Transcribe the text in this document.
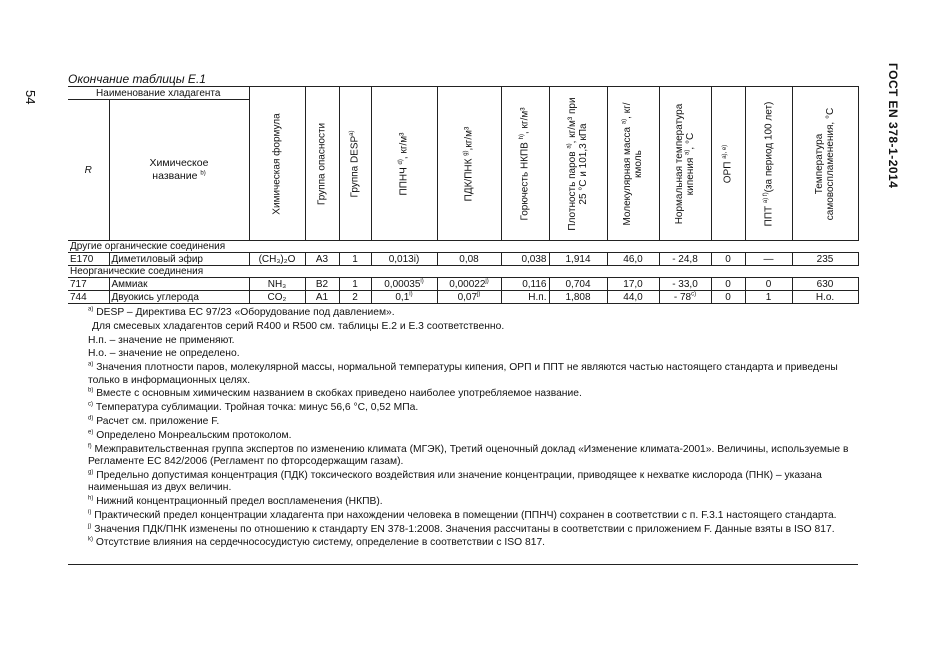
54	ГОСТ EN 378-1-2014
Окончание таблицы Е.1
Наименование хладагента		Химическая формула	Группа опасности	Группа DESP$^{a)}$	ППНЧ $^{d)}$, кг/м³	ПДК/ПНК $^{g)}$,кг/м³	Горючесть НКПВ $^{h)}$, кг/м³	Плотность паров $^{a)}$, кг/м³ при 25 °С и 101,3 кПа	Молекулярная масса $^{a)}$, кг/кмоль	Нормальная температура кипения $^{a)}$, °С	ОРП $^{a), e)}$	ППТ $^{a) f)}$(за период 100 лет)	Температура самовоспламенения, °С

R	Химическое название $^{b)}$

Другие органические соединения													
E170	Диметиловый эфир	(CH₃)₂O	A3	1	0,013i)	0,08	0,038	1,914	46,0	- 24,8	0	—	235
Неорганические соединения													
717	Аммиак	NH₃	B2	1	0,00035$^{i)}$	0,00022$^{j)}$	0,116	0,704	17,0	- 33,0	0	0	630
744	Двуокись углерода	CO₂	A1	2	0,1$^{i)}$	0,07$^{j)}$	Н.п.	1,808	44,0	- 78$^{c)}$	0	1	Н.о.
$^{a)}$ DESP – Директива ЕС 97/23 «Оборудование под давлением».
Для смесевых хладагентов серий R400 и R500 см. таблицы Е.2 и Е.3 соответственно.
Н.п. – значение не применяют.
Н.о. – значение не определено.
$^{a)}$ Значения плотности паров, молекулярной массы, нормальной температуры кипения, ОРП и ППТ не являются частью настоящего стандарта и приведены только в информационных целях.
$^{b)}$ Вместе с основным химическим названием в скобках приведено наиболее употребляемое название.
$^{c)}$ Температура сублимации. Тройная точка: минус 56,6 °С, 0,52 МПа.
$^{d)}$ Расчет см. приложение F.
$^{e)}$ Определено Монреальским протоколом.
$^{f)}$ Межправительственная группа экспертов по изменению климата (МГЭК), Третий оценочный доклад «Изменение климата-2001». Величины, используемые в Регламенте ЕС 842/2006 (Регламент по фторсодержащим газам).
$^{g)}$ Предельно допустимая концентрация (ПДК) токсического воздействия или значение концентрации, приводящее к нехватке кислорода (ПНК) – указана наименьшая из двух величин.
$^{h)}$ Нижний концентрационный предел воспламенения (НКПВ).
$^{i)}$ Практический предел концентрации хладагента при нахождении человека в помещении (ППНЧ) сохранен в соответствии с п. F.3.1 настоящего стандарта.
$^{j)}$ Значения ПДК/ПНК изменены по отношению к стандарту EN 378-1:2008. Значения рассчитаны в соответствии с приложением F. Данные взяты в ISO 817.
$^{k)}$ Отсутствие влияния на сердечнососудистую систему, определение в соответствии с ISO 817.
